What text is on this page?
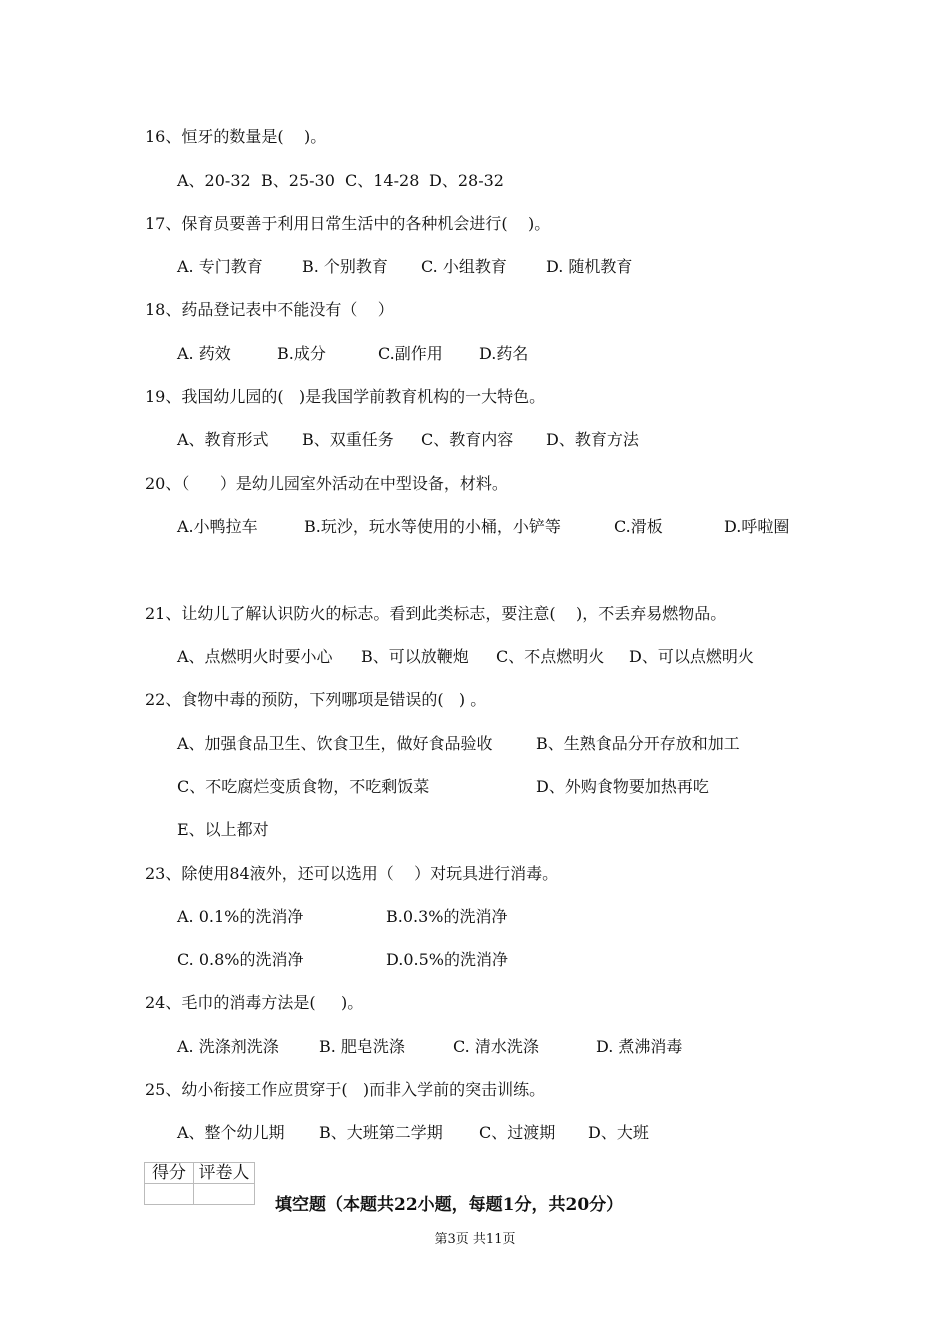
16、恒牙的数量是(    )。
A、20-32 B、25-30 C、14-28 D、28-32
17、保育员要善于利用日常生活中的各种机会进行(    )。
A. 专门教育 B. 个别教育 C. 小组教育 D. 随机教育
18、药品登记表中不能没有（    ）
A. 药效	B.成分	C.副作用 D.药名
19、我国幼儿园的(   )是我国学前教育机构的一大特色。
A、教育形式 B、双重任务 C、教育内容 D、教育方法
20、（      ）是幼儿园室外活动在中型设备，材料。
A.小鸭拉车	B.玩沙，玩水等使用的小桶，小铲等	C.滑板	D.呼啦圈
21、让幼儿了解认识防火的标志。看到此类标志，要注意(    )，不丢弃易燃物品。
A、点燃明火时要小心 B、可以放鞭炮 C、不点燃明火 D、可以点燃明火
22、食物中毒的预防，下列哪项是错误的(   ) 。
A、加强食品卫生、饮食卫生，做好食品验收	B、生熟食品分开存放和加工
C、不吃腐烂变质食物，不吃剩饭菜	D、外购食物要加热再吃
E、以上都对
23、除使用84液外，还可以选用（    ）对玩具进行消毒。
A. 0.1%的洗消净	B.0.3%的洗消净
C. 0.8%的洗消净	D.0.5%的洗消净
24、毛巾的消毒方法是(     )。
A. 洗涤剂洗涤	B. 肥皂洗涤	C. 清水洗涤	D. 煮沸消毒
25、幼小衔接工作应贯穿于(   )而非入学前的突击训练。
A、整个幼儿期 B、大班第二学期 C、过渡期 D、大班
得分	评卷人

填空题（本题共22小题，每题1分，共20分）
第3页 共11页
